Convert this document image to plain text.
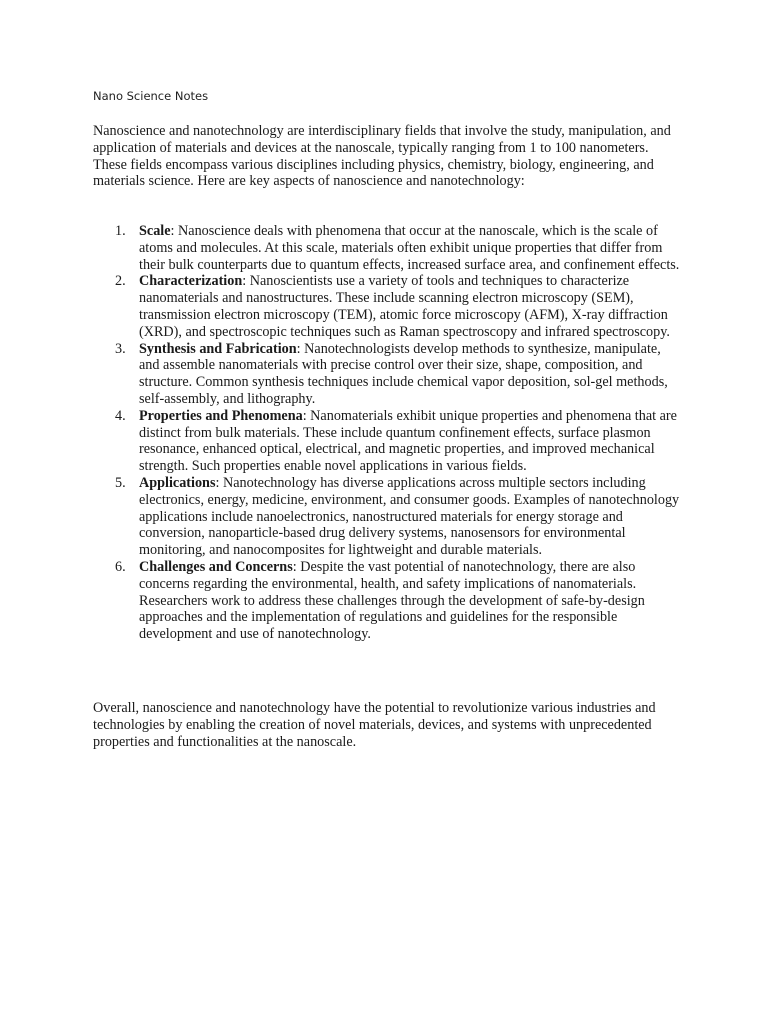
Nano Science Notes

Nanoscience and nanotechnology are interdisciplinary fields that involve the study, manipulation, and application of materials and devices at the nanoscale, typically ranging from 1 to 100 nanometers. These fields encompass various disciplines including physics, chemistry, biology, engineering, and materials science. Here are key aspects of nanoscience and nanotechnology:

1. Scale: Nanoscience deals with phenomena that occur at the nanoscale, which is the scale of atoms and molecules. At this scale, materials often exhibit unique properties that differ from their bulk counterparts due to quantum effects, increased surface area, and confinement effects.
2. Characterization: Nanoscientists use a variety of tools and techniques to characterize nanomaterials and nanostructures. These include scanning electron microscopy (SEM), transmission electron microscopy (TEM), atomic force microscopy (AFM), X-ray diffraction (XRD), and spectroscopic techniques such as Raman spectroscopy and infrared spectroscopy.
3. Synthesis and Fabrication: Nanotechnologists develop methods to synthesize, manipulate, and assemble nanomaterials with precise control over their size, shape, composition, and structure. Common synthesis techniques include chemical vapor deposition, sol-gel methods, self-assembly, and lithography.
4. Properties and Phenomena: Nanomaterials exhibit unique properties and phenomena that are distinct from bulk materials. These include quantum confinement effects, surface plasmon resonance, enhanced optical, electrical, and magnetic properties, and improved mechanical strength. Such properties enable novel applications in various fields.
5. Applications: Nanotechnology has diverse applications across multiple sectors including electronics, energy, medicine, environment, and consumer goods. Examples of nanotechnology applications include nanoelectronics, nanostructured materials for energy storage and conversion, nanoparticle-based drug delivery systems, nanosensors for environmental monitoring, and nanocomposites for lightweight and durable materials.
6. Challenges and Concerns: Despite the vast potential of nanotechnology, there are also concerns regarding the environmental, health, and safety implications of nanomaterials. Researchers work to address these challenges through the development of safe-by-design approaches and the implementation of regulations and guidelines for the responsible development and use of nanotechnology.

Overall, nanoscience and nanotechnology have the potential to revolutionize various industries and technologies by enabling the creation of novel materials, devices, and systems with unprecedented properties and functionalities at the nanoscale.
